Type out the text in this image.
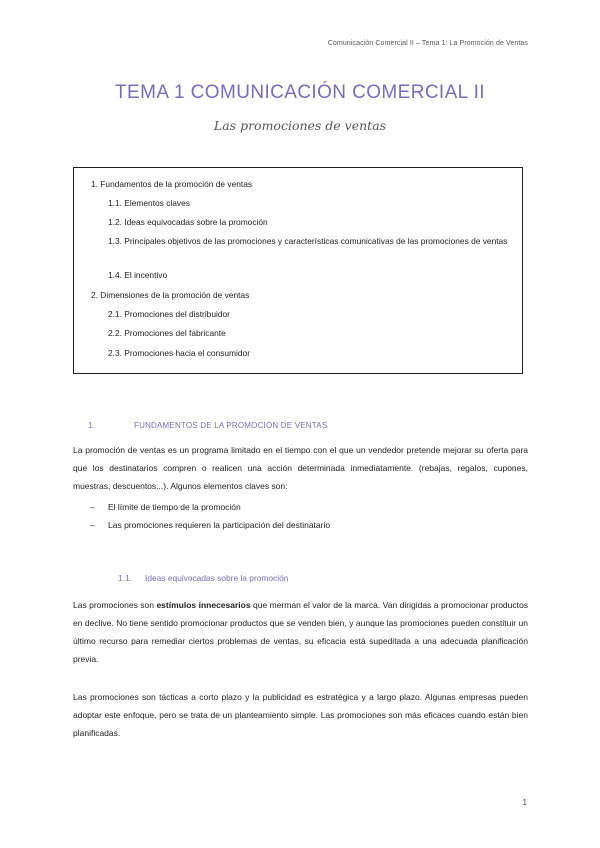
Comunicación Comercial II – Tema 1: La Promoción de Ventas
TEMA 1 COMUNICACIÓN COMERCIAL II
Las promociones de ventas
1. Fundamentos de la promoción de ventas
1.1. Elementos claves
1.2. Ideas equivocadas sobre la promoción
1.3. Principales objetivos de las promociones y características comunicativas de las promociones de ventas
1.4. El incentivo
2. Dimensiones de la promoción de ventas
2.1. Promociones del distribuidor
2.2. Promociones del fabricante
2.3. Promociones hacia el consumidor
1.	FUNDAMENTOS DE LA PROMOCIÓN DE VENTAS
La promoción de ventas es un programa limitado en el tiempo con el que un vendedor pretende mejorar su oferta para que los destinatarios compren o realicen una acción determinada inmediatamente. (rebajas, regalos, cupones, muestras, descuentos...). Algunos elementos claves son:
– El límite de tiempo de la promoción
– Las promociones requieren la participación del destinatario
1.1. Ideas equivocadas sobre la promoción
Las promociones son estímulos innecesarios que merman el valor de la marca. Van dirigidas a promocionar productos en declive. No tiene sentido promocionar productos que se venden bien, y aunque las promociones pueden constituir un último recurso para remediar ciertos problemas de ventas, su eficacia está supeditada a una adecuada planificación previa.
Las promociones son tácticas a corto plazo y la publicidad es estratégica y a largo plazo. Algunas empresas pueden adoptar este enfoque, pero se trata de un planteamiento simple. Las promociones son más eficaces cuando están bien planificadas.
1
